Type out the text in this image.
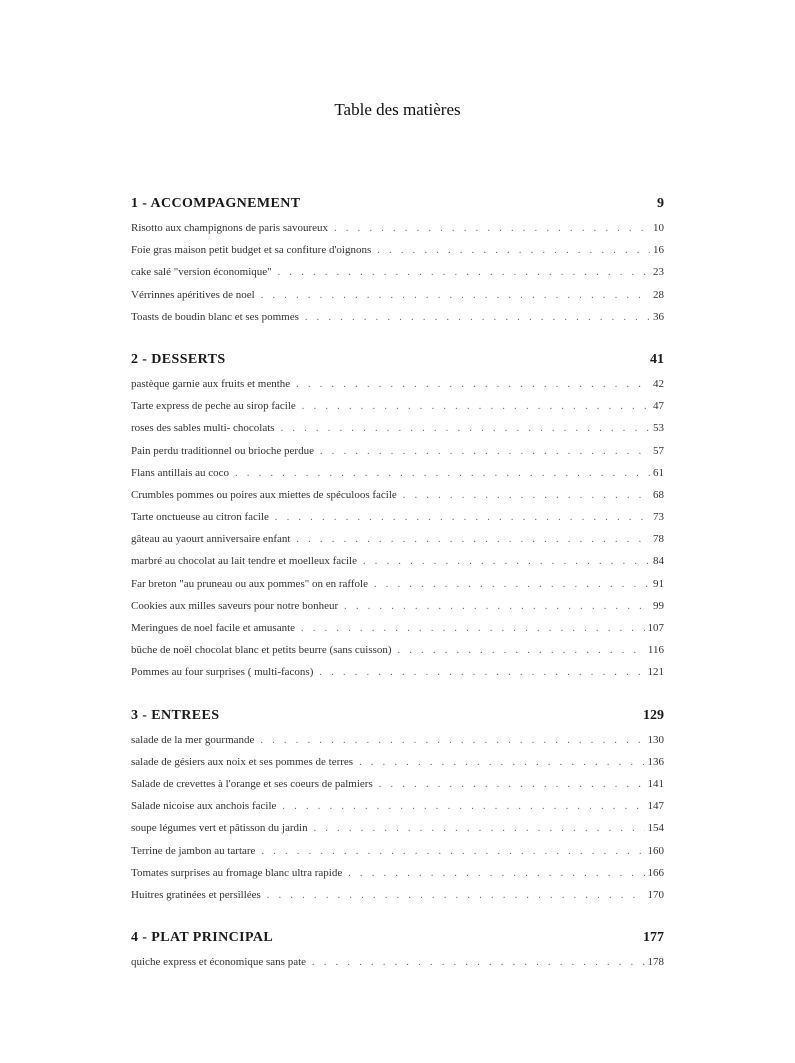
Table des matières
1 - ACCOMPAGNEMENT	9
Risotto aux champignons de paris savoureux . . .	10
Foie gras maison petit budget et sa confiture d'oignons . . .	16
cake salé "version économique" . . .	23
Vérrinnes apéritives de noel . . .	28
Toasts de boudin blanc et ses pommes . . .	36
2 - DESSERTS	41
pastèque garnie aux fruits et menthe . . .	42
Tarte express de peche au sirop facile . . .	47
roses des sables multi- chocolats . . .	53
Pain perdu traditionnel ou brioche perdue . . .	57
Flans antillais au coco . . .	61
Crumbles pommes ou poires aux miettes de spéculoos facile . . .	68
Tarte onctueuse au citron facile . . .	73
gâteau au yaourt anniversaire enfant . . .	78
marbré au chocolat au lait tendre et moelleux facile . . .	84
Far breton "au pruneau ou aux pommes" on en raffole . . .	91
Cookies aux milles saveurs pour notre bonheur . . .	99
Meringues de noel facile et amusante . . .	107
bûche de noël chocolat blanc et petits beurre (sans cuisson) . . .	116
Pommes au four surprises ( multi-facons) . . .	121
3 - ENTREES	129
salade de la mer gourmande . . .	130
salade de gésiers aux noix et ses pommes de terres . . .	136
Salade de crevettes à l'orange et ses coeurs de palmiers . . .	141
Salade nicoise aux anchois facile . . .	147
soupe légumes vert et pâtisson du jardin . . .	154
Terrine de jambon au tartare . . .	160
Tomates surprises au fromage blanc ultra rapide . . .	166
Huitres gratinées et persillées . . .	170
4 - PLAT PRINCIPAL	177
quiche express et économique sans pate . . .	178
